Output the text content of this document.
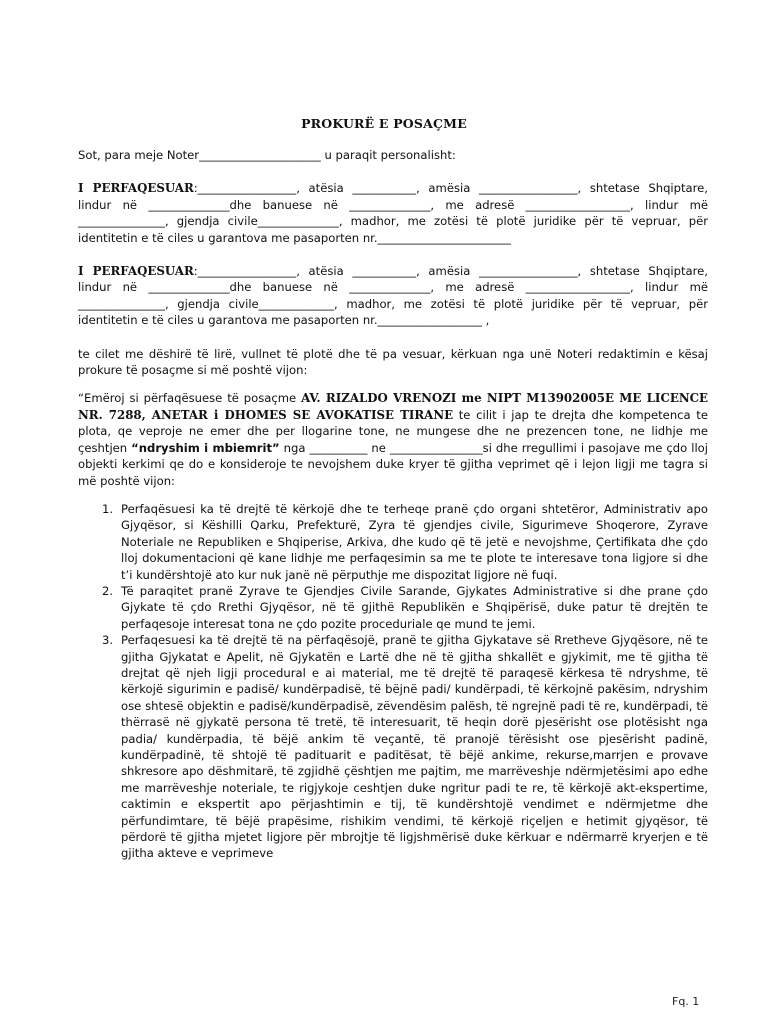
PROKURË E POSAÇME

Sot, para meje Noter_____________________ u paraqit personalisht:

I PERFAQESUAR:_________________, atësia ___________, amësia _________________, shtetase Shqiptare, lindur në ______________dhe banuese në ______________, me adresë __________________, lindur më _______________, gjendja civile______________, madhor, me zotësi të plotë juridike për të vepruar, për identitetin e të ciles u garantova me pasaporten nr._______________________

I PERFAQESUAR:_________________, atësia ___________, amësia _________________, shtetase Shqiptare, lindur në ______________dhe banuese në ______________, me adresë __________________, lindur më _______________, gjendja civile_____________, madhor, me zotësi të plotë juridike për të vepruar, për identitetin e të ciles u garantova me pasaporten nr.__________________ ,

te cilet me dëshirë të lirë, vullnet të plotë dhe të pa vesuar, kërkuan nga unë Noteri redaktimin e kësaj prokure të posaçme si më poshtë vijon:

“Emëroj si përfaqësuese të posaçme AV. RIZALDO VRENOZI me NIPT M13902005E ME LICENCE NR. 7288, ANETAR i DHOMES SE AVOKATISE TIRANE te cilit i jap te drejta dhe kompetenca te plota, qe veproje ne emer dhe per llogarine tone, ne mungese dhe ne prezencen tone, ne lidhje me çeshtjen “ndryshim i mbiemrit” nga __________ ne ________________si dhe rregullimi i pasojave me çdo lloj objekti kerkimi qe do e konsideroje te nevojshem duke kryer të gjitha veprimet që i lejon ligji me tagra si më poshtë vijon:

1. Perfaqësuesi ka të drejtë të kërkojë dhe te terheqe pranë çdo organi shtetëror, Administrativ apo Gjyqësor, si Këshilli Qarku, Prefekturë, Zyra të gjendjes civile, Sigurimeve Shoqerore, Zyrave Noteriale ne Republiken e Shqiperise, Arkiva, dhe kudo që të jetë e nevojshme, Çertifikata dhe çdo lloj dokumentacioni që kane lidhje me perfaqesimin sa me te plote te interesave tona ligjore si dhe t’i kundërshtojë ato kur nuk janë në përputhje me dispozitat ligjore në fuqi.
2. Të paraqitet pranë Zyrave te Gjendjes Civile Sarande, Gjykates Administrative si dhe prane çdo Gjykate të çdo Rrethi Gjyqësor, në të gjithë Republikën e Shqipërisë, duke patur të drejtën te perfaqesoje interesat tona ne çdo pozite proceduriale qe mund te jemi.
3. Perfaqesuesi ka të drejtë të na përfaqësojë, pranë te gjitha Gjykatave së Rretheve Gjyqësore, në te gjitha Gjykatat e Apelit, në Gjykatën e Lartë dhe në të gjitha shkallët e gjykimit, me të gjitha të drejtat që njeh ligji procedural e ai material, me të drejtë të paraqesë kërkesa të ndryshme, të kërkojë sigurimin e padisë/ kundërpadisë, të bëjnë padi/ kundërpadi, të kërkojnë pakësim, ndryshim ose shtesë objektin e padisë/kundërpadisë, zëvendësim palësh, të ngrejnë padi të re, kundërpadi, të thërrasë në gjykatë persona të tretë, të interesuarit, të heqin dorë pjesërisht ose plotësisht nga padia/ kundërpadia, të bëjë ankim të veçantë, të pranojë tërësisht ose pjesërisht padinë, kundërpadinë, të shtojë të padituarit e paditësat, të bëjë ankime, rekurse,marrjen e provave shkresore apo dëshmitarë, të zgjidhë çështjen me pajtim, me marrëveshje ndërmjetësimi apo edhe me marrëveshje noteriale, te rigjykoje ceshtjen duke ngritur padi te re, të kërkojë akt-ekspertime, caktimin e ekspertit apo përjashtimin e tij, të kundërshtojë vendimet e ndërmjetme dhe përfundimtare, të bëjë prapësime, rishikim vendimi, të kërkojë riçeljen e hetimit gjyqësor, të përdorë të gjitha mjetet ligjore për mbrojtje të ligjshmërisë duke kërkuar e ndërmarrë kryerjen e të gjitha akteve e veprimeve
Fq. 1
